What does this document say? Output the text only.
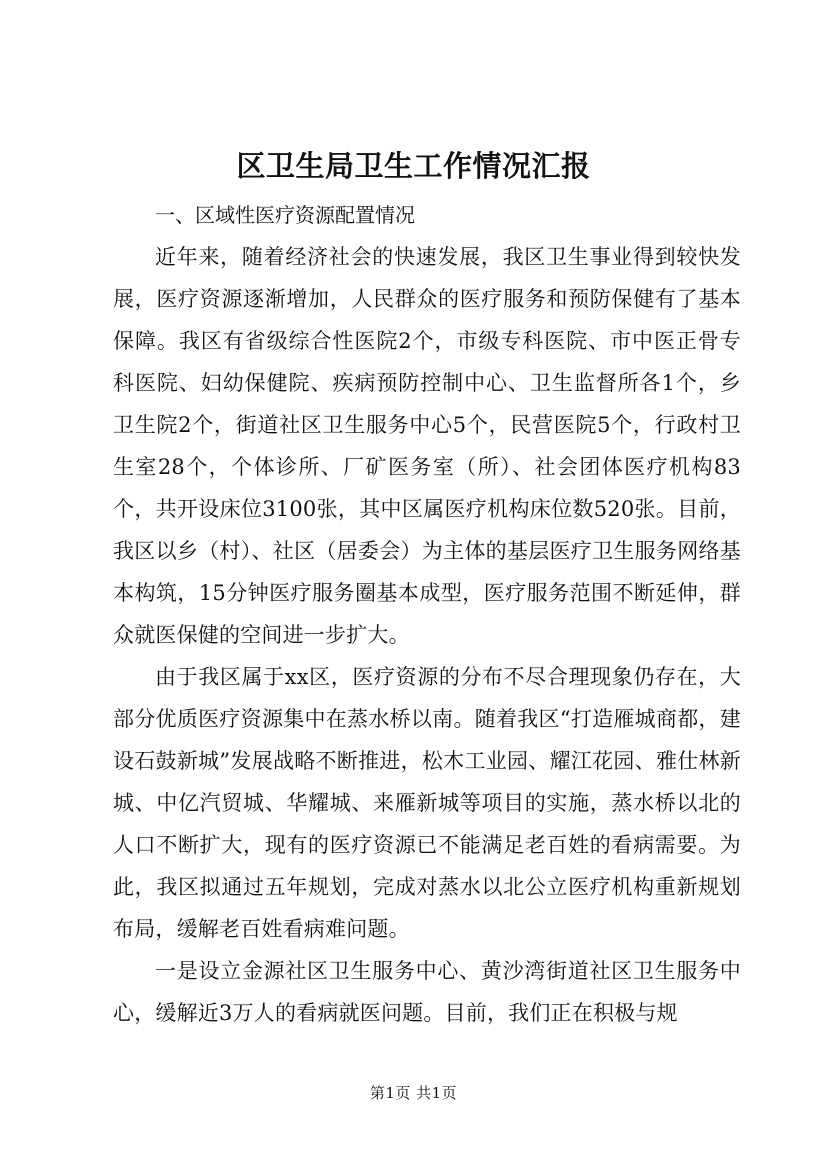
区卫生局卫生工作情况汇报

一、区域性医疗资源配置情况

近年来，随着经济社会的快速发展，我区卫生事业得到较快发展，医疗资源逐渐增加，人民群众的医疗服务和预防保健有了基本保障。我区有省级综合性医院2个，市级专科医院、市中医正骨专科医院、妇幼保健院、疾病预防控制中心、卫生监督所各1个，乡卫生院2个，街道社区卫生服务中心5个，民营医院5个，行政村卫生室28个，个体诊所、厂矿医务室（所）、社会团体医疗机构83个，共开设床位3100张，其中区属医疗机构床位数520张。目前，我区以乡（村）、社区（居委会）为主体的基层医疗卫生服务网络基本构筑，15分钟医疗服务圈基本成型，医疗服务范围不断延伸，群众就医保健的空间进一步扩大。

由于我区属于xx区，医疗资源的分布不尽合理现象仍存在，大部分优质医疗资源集中在蒸水桥以南。随着我区“打造雁城商都，建设石鼓新城”发展战略不断推进，松木工业园、耀江花园、雅仕林新城、中亿汽贸城、华耀城、来雁新城等项目的实施，蒸水桥以北的人口不断扩大，现有的医疗资源已不能满足老百姓的看病需要。为此，我区拟通过五年规划，完成对蒸水以北公立医疗机构重新规划布局，缓解老百姓看病难问题。

一是设立金源社区卫生服务中心、黄沙湾街道社区卫生服务中心，缓解近3万人的看病就医问题。目前，我们正在积极与规

第1页 共1页
